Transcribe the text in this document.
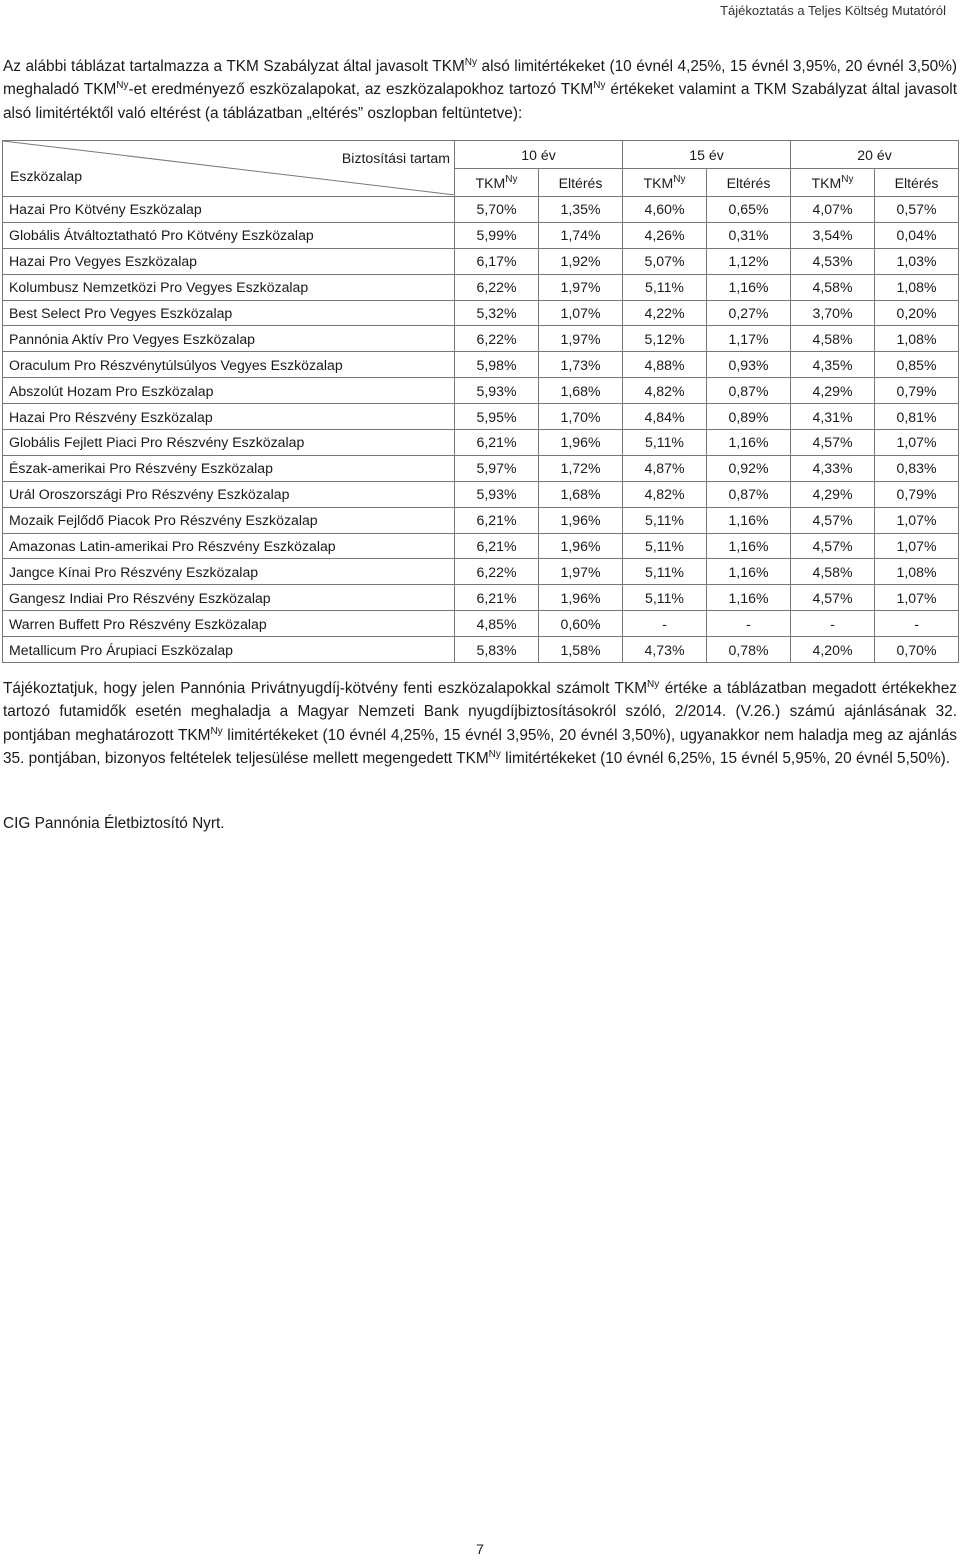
Tájékoztatás a Teljes Költség Mutatóról

Az alábbi táblázat tartalmazza a TKM Szabályzat által javasolt $TKM^{Ny}$ alsó limitértékeket (10 évnél 4,25%, 15 évnél 3,95%, 20 évnél 3,50%) meghaladó $TKM^{Ny}-et$ eredményező eszközalapokat, az eszközalapokhoz tartozó $TKM^{Ny}$ értékeket valamint a TKM Szabályzat által javasolt alsó limitértéktől való eltérést (a táblázatban „eltérés” oszlopban feltüntetve):

Biztosítási tartam
Eszközalap	10 év		15 év		20 év	
	$TKM^{Ny}$	Eltérés	$TKM^{Ny}$	Eltérés	$TKM^{Ny}$	Eltérés
Hazai Pro Kötvény Eszközalap	5,70%	1,35%	4,60%	0,65%	4,07%	0,57%
Globális Átváltoztatható Pro Kötvény Eszközalap	5,99%	1,74%	4,26%	0,31%	3,54%	0,04%
Hazai Pro Vegyes Eszközalap	6,17%	1,92%	5,07%	1,12%	4,53%	1,03%
Kolumbusz Nemzetközi Pro Vegyes Eszközalap	6,22%	1,97%	5,11%	1,16%	4,58%	1,08%
Best Select Pro Vegyes Eszközalap	5,32%	1,07%	4,22%	0,27%	3,70%	0,20%
Pannónia Aktív Pro Vegyes Eszközalap	6,22%	1,97%	5,12%	1,17%	4,58%	1,08%
Oraculum Pro Részvénytúlsúlyos Vegyes Eszközalap	5,98%	1,73%	4,88%	0,93%	4,35%	0,85%
Abszolút Hozam Pro Eszközalap	5,93%	1,68%	4,82%	0,87%	4,29%	0,79%
Hazai Pro Részvény Eszközalap	5,95%	1,70%	4,84%	0,89%	4,31%	0,81%
Globális Fejlett Piaci Pro Részvény Eszközalap	6,21%	1,96%	5,11%	1,16%	4,57%	1,07%
Észak-amerikai Pro Részvény Eszközalap	5,97%	1,72%	4,87%	0,92%	4,33%	0,83%
Urál Oroszországi Pro Részvény Eszközalap	5,93%	1,68%	4,82%	0,87%	4,29%	0,79%
Mozaik Fejlődő Piacok Pro Részvény Eszközalap	6,21%	1,96%	5,11%	1,16%	4,57%	1,07%
Amazonas Latin-amerikai Pro Részvény Eszközalap	6,21%	1,96%	5,11%	1,16%	4,57%	1,07%
Jangce Kínai Pro Részvény Eszközalap	6,22%	1,97%	5,11%	1,16%	4,58%	1,08%
Gangesz Indiai Pro Részvény Eszközalap	6,21%	1,96%	5,11%	1,16%	4,57%	1,07%
Warren Buffett Pro Részvény Eszközalap	4,85%	0,60%	-	-	-	-
Metallicum Pro Árupiaci Eszközalap	5,83%	1,58%	4,73%	0,78%	4,20%	0,70%

Tájékoztatjuk, hogy jelen Pannónia Privátnyugdíj-kötvény fenti eszközalapokkal számolt $TKM^{Ny}$ értéke a táblázatban megadott értékekhez tartozó futamidők esetén meghaladja a Magyar Nemzeti Bank nyugdíjbiztosításokról szóló, 2/2014. (V.26.) számú ajánlásának 32. pontjában meghatározott $TKM^{Ny}$ limitértékeket (10 évnél 4,25%, 15 évnél 3,95%, 20 évnél 3,50%), ugyanakkor nem haladja meg az ajánlás 35. pontjában, bizonyos feltételek teljesülése mellett megengedett $TKM^{Ny}$ limitértékeket (10 évnél 6,25%, 15 évnél 5,95%, 20 évnél 5,50%).

CIG Pannónia Életbiztosító Nyrt.
7
